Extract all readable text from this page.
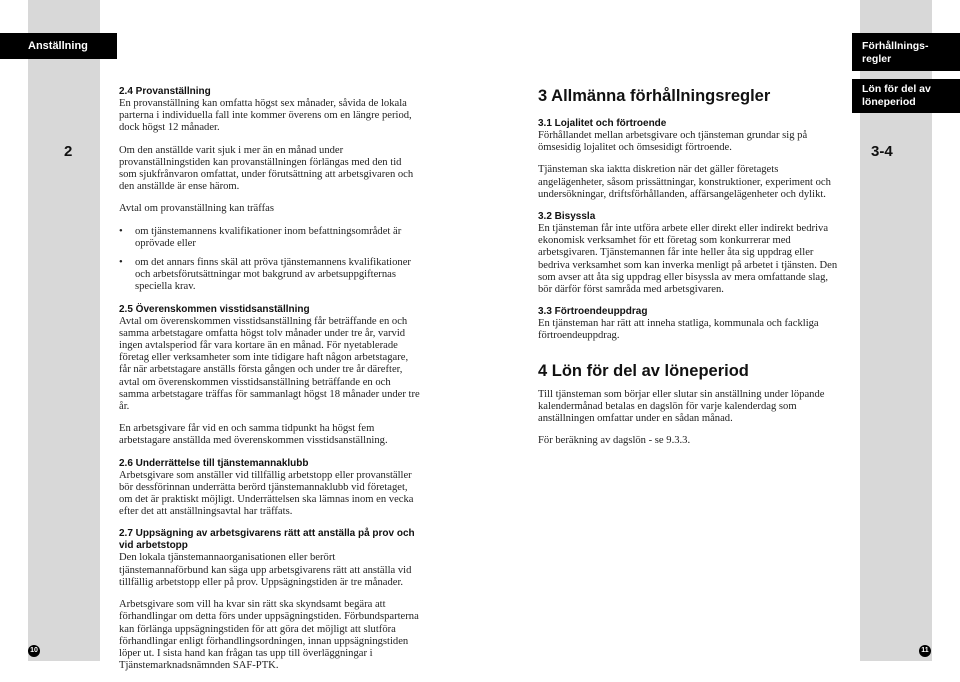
Anställning
2
2.4 Provanställning

En provanställning kan omfatta högst sex månader, såvida de lokala parterna i individuella fall inte kommer överens om en längre period, dock högst 12 månader.

Om den anställde varit sjuk i mer än en månad under provanställningstiden kan provanställningen förlängas med den tid som sjukfrånvaron omfattat, under förutsättning att arbetsgivaren och den anställde är ense härom.

Avtal om provanställning kan träffas

• om tjänstemannens kvalifikationer inom befattningsområdet är oprövade eller
• om det annars finns skäl att pröva tjänstemannens kvalifikationer och arbetsförutsättningar mot bakgrund av arbetsuppgifternas speciella krav.
2.5 Överenskommen visstidsanställning

Avtal om överenskommen visstidsanställning får beträffande en och samma arbetstagare omfatta högst tolv månader under tre år, varvid ingen avtalsperiod får vara kortare än en månad. För nyetablerade företag eller verksamheter som inte tidigare haft någon arbetstagare, får när arbetstagare anställs första gången och under tre år därefter, avtal om överenskommen visstidsanställning beträffande en och samma arbetstagare träffas för sammanlagt högst 18 månader under tre år.

En arbetsgivare får vid en och samma tidpunkt ha högst fem arbetstagare anställda med överenskommen visstidsanställning.

2.6 Underrättelse till tjänstemannaklubb

Arbetsgivare som anställer vid tillfällig arbetstopp eller provanställer bör dessförinnan underrätta berörd tjänstemannaklubb vid företaget, om det är praktiskt möjligt. Underrättelsen ska lämnas inom en vecka efter det att anställningsavtal har träffats.

2.7 Uppsägning av arbetsgivarens rätt att anställa på prov och vid arbetstopp

Den lokala tjänstemannaorganisationen eller berört tjänstemannaförbund kan säga upp arbetsgivarens rätt att anställa vid tillfällig arbetstopp eller på prov. Uppsägningstiden är tre månader.

Arbetsgivare som vill ha kvar sin rätt ska skyndsamt begära att förhandlingar om detta förs under uppsägningstiden. Förbundsparterna kan förlänga uppsägningstiden för att göra det möjligt att slutföra förhandlingar enligt förhandlingsordningen, innan uppsägningstiden löper ut. I sista hand kan frågan tas upp till överläggningar i Tjänstemarknadsnämnden SAF-PTK.

10
Förhållnings-
regler
Lön för del av
löneperiod
3-4
3 Allmänna förhållningsregler
3.1 Lojalitet och förtroende

Förhållandet mellan arbetsgivare och tjänsteman grundar sig på ömsesidig lojalitet och ömsesidigt förtroende.

Tjänsteman ska iaktta diskretion när det gäller företagets angelägenheter, såsom prissättningar, konstruktioner, experiment och undersökningar, driftsförhållanden, affärsangelägenheter och dylikt.

3.2 Bisyssla

En tjänsteman får inte utföra arbete eller direkt eller indirekt bedriva ekonomisk verksamhet för ett företag som konkurrerar med arbetsgivaren. Tjänstemannen får inte heller åta sig uppdrag eller bedriva verksamhet som kan inverka menligt på arbetet i tjänsten. Den som avser att åta sig uppdrag eller bisyssla av mera omfattande slag, bör därför först samråda med arbetsgivaren.

3.3 Förtroendeuppdrag

En tjänsteman har rätt att inneha statliga, kommunala och fackliga förtroendeuppdrag.

4 Lön för del av löneperiod

Till tjänsteman som börjar eller slutar sin anställning under löpande kalendermånad betalas en dagslön för varje kalenderdag som anställningen omfattar under en sådan månad.

För beräkning av dagslön - se 9.3.3.

11
